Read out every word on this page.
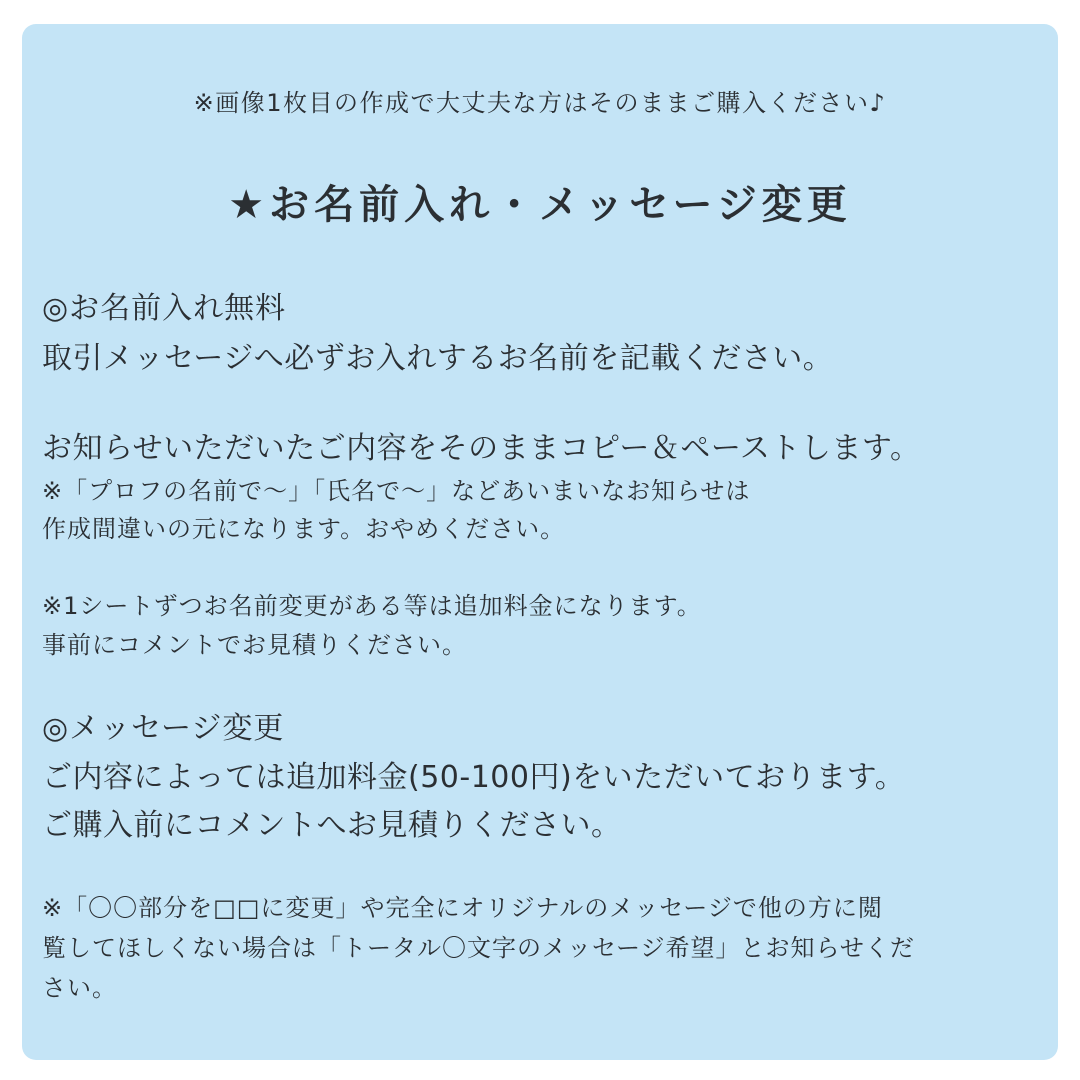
※画像1枚目の作成で大丈夫な方はそのままご購入ください♪

★お名前入れ・メッセージ変更

◎お名前入れ無料

取引メッセージへ必ずお入れするお名前を記載ください。

お知らせいただいたご内容をそのままコピー＆ペーストします。

※「プロフの名前で〜」「氏名で〜」などあいまいなお知らせは

作成間違いの元になります。おやめください。

※1シートずつお名前変更がある等は追加料金になります。

事前にコメントでお見積りください。

◎メッセージ変更

ご内容によっては追加料金(50-100円)をいただいております。

ご購入前にコメントへお見積りください。

※「〇〇部分を□□に変更」や完全にオリジナルのメッセージで他の方に閲

覧してほしくない場合は「トータル〇文字のメッセージ希望」とお知らせくだ

さい。
